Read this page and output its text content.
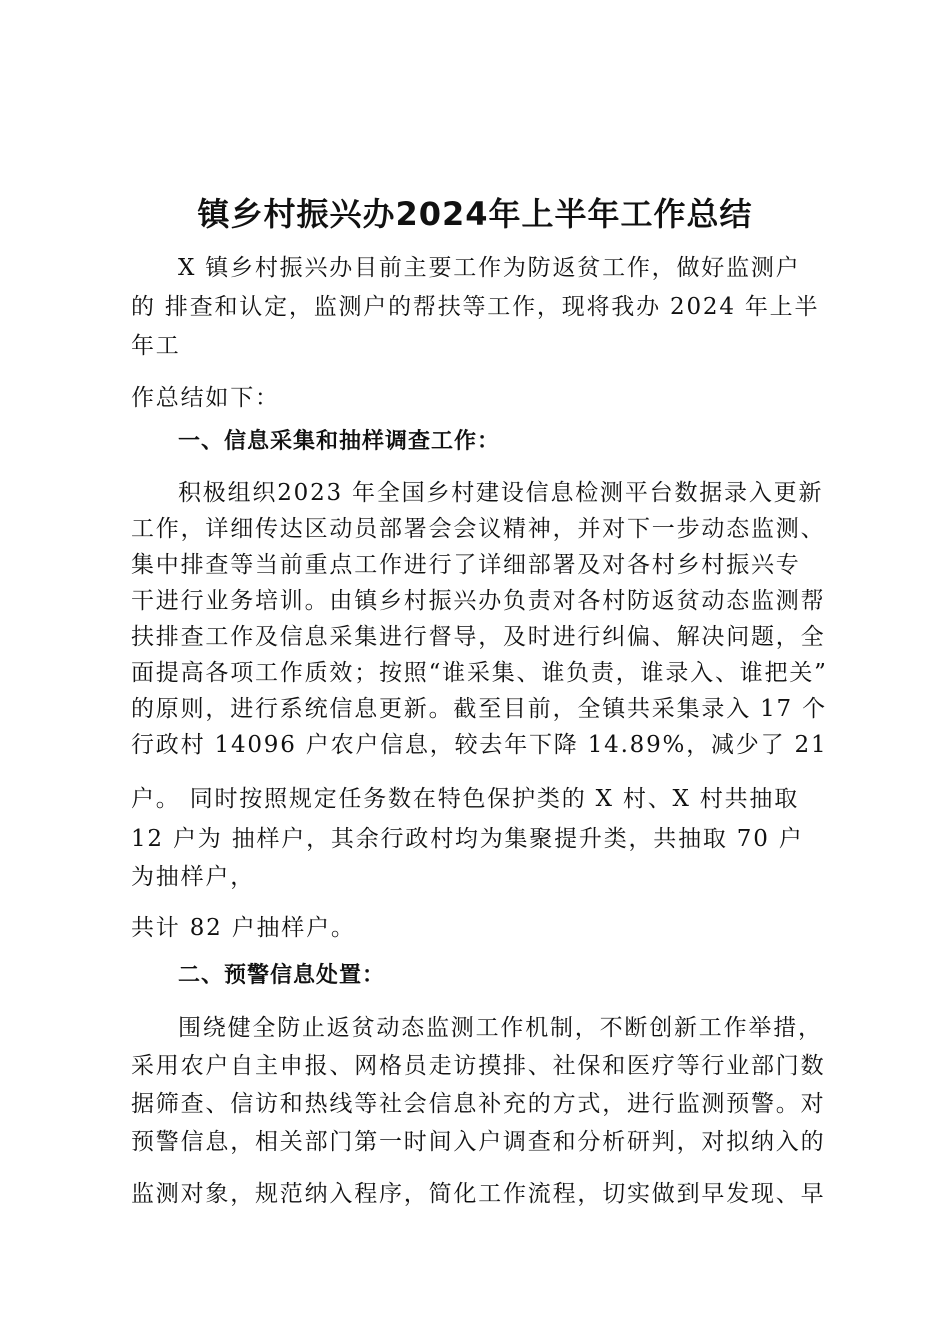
镇乡村振兴办2024年上半年工作总结
X 镇乡村振兴办目前主要工作为防返贫工作，做好监测户
的 排查和认定，监测户的帮扶等工作，现将我办 2024 年上半
年工
作总结如下：
一、信息采集和抽样调查工作：
积极组织2023 年全国乡村建设信息检测平台数据录入更新
工作，详细传达区动员部署会会议精神，并对下一步动态监测、
集中排查等当前重点工作进行了详细部署及对各村乡村振兴专
干进行业务培训。由镇乡村振兴办负责对各村防返贫动态监测帮
扶排查工作及信息采集进行督导，及时进行纠偏、解决问题，全
面提高各项工作质效；按照“谁采集、谁负责，谁录入、谁把关”
的原则，进行系统信息更新。截至目前，全镇共采集录入 17 个
行政村 14096 户农户信息，较去年下降 14.89%，减少了 21
户。 同时按照规定任务数在特色保护类的 X 村、X 村共抽取
12 户为 抽样户，其余行政村均为集聚提升类，共抽取 70 户
为抽样户，
共计 82 户抽样户。
二、预警信息处置：
围绕健全防止返贫动态监测工作机制，不断创新工作举措，
采用农户自主申报、网格员走访摸排、社保和医疗等行业部门数
据筛查、信访和热线等社会信息补充的方式，进行监测预警。对
预警信息，相关部门第一时间入户调查和分析研判，对拟纳入的
监测对象，规范纳入程序，简化工作流程，切实做到早发现、早
